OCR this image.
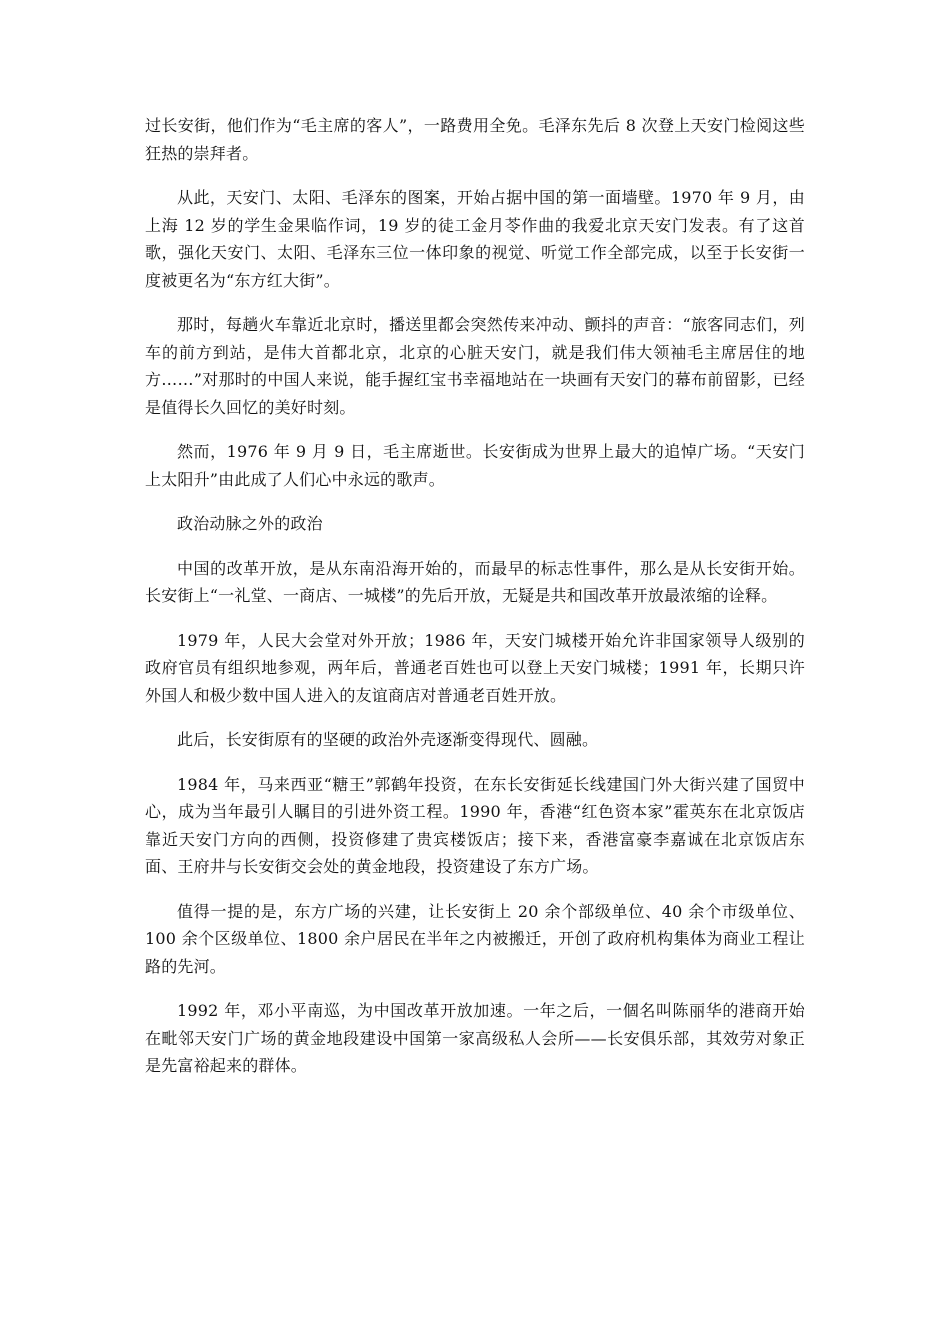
过长安街，他们作为“毛主席的客人”，一路费用全免。毛泽东先后 8 次登上天安门检阅这些狂热的崇拜者。

从此，天安门、太阳、毛泽东的图案，开始占据中国的第一面墙壁。1970 年 9 月，由上海 12 岁的学生金果临作词，19 岁的徒工金月苓作曲的我爱北京天安门发表。有了这首歌，强化天安门、太阳、毛泽东三位一体印象的视觉、听觉工作全部完成，以至于长安街一度被更名为“东方红大街”。

那时，每趟火车靠近北京时，播送里都会突然传来冲动、颤抖的声音：“旅客同志们，列车的前方到站，是伟大首都北京，北京的心脏天安门，就是我们伟大领袖毛主席居住的地方……”对那时的中国人来说，能手握红宝书幸福地站在一块画有天安门的幕布前留影，已经是值得长久回忆的美好时刻。

然而，1976 年 9 月 9 日，毛主席逝世。长安街成为世界上最大的追悼广场。“天安门上太阳升”由此成了人们心中永远的歌声。

政治动脉之外的政治

中国的改革开放，是从东南沿海开始的，而最早的标志性事件，那么是从长安街开始。长安街上“一礼堂、一商店、一城楼”的先后开放，无疑是共和国改革开放最浓缩的诠释。

1979 年，人民大会堂对外开放；1986 年，天安门城楼开始允许非国家领导人级别的政府官员有组织地参观，两年后，普通老百姓也可以登上天安门城楼；1991 年，长期只许外国人和极少数中国人进入的友谊商店对普通老百姓开放。

此后，长安街原有的坚硬的政治外壳逐渐变得现代、圆融。

1984 年，马来西亚“糖王”郭鹤年投资，在东长安街延长线建国门外大街兴建了国贸中心，成为当年最引人瞩目的引进外资工程。1990 年，香港“红色资本家”霍英东在北京饭店靠近天安门方向的西侧，投资修建了贵宾楼饭店；接下来，香港富豪李嘉诚在北京饭店东面、王府井与长安街交会处的黄金地段，投资建设了东方广场。

值得一提的是，东方广场的兴建，让长安街上 20 余个部级单位、40 余个市级单位、100 余个区级单位、1800 余户居民在半年之内被搬迁，开创了政府机构集体为商业工程让路的先河。

1992 年，邓小平南巡，为中国改革开放加速。一年之后，一個名叫陈丽华的港商开始在毗邻天安门广场的黄金地段建设中国第一家高级私人会所——长安俱乐部，其效劳对象正是先富裕起来的群体。
